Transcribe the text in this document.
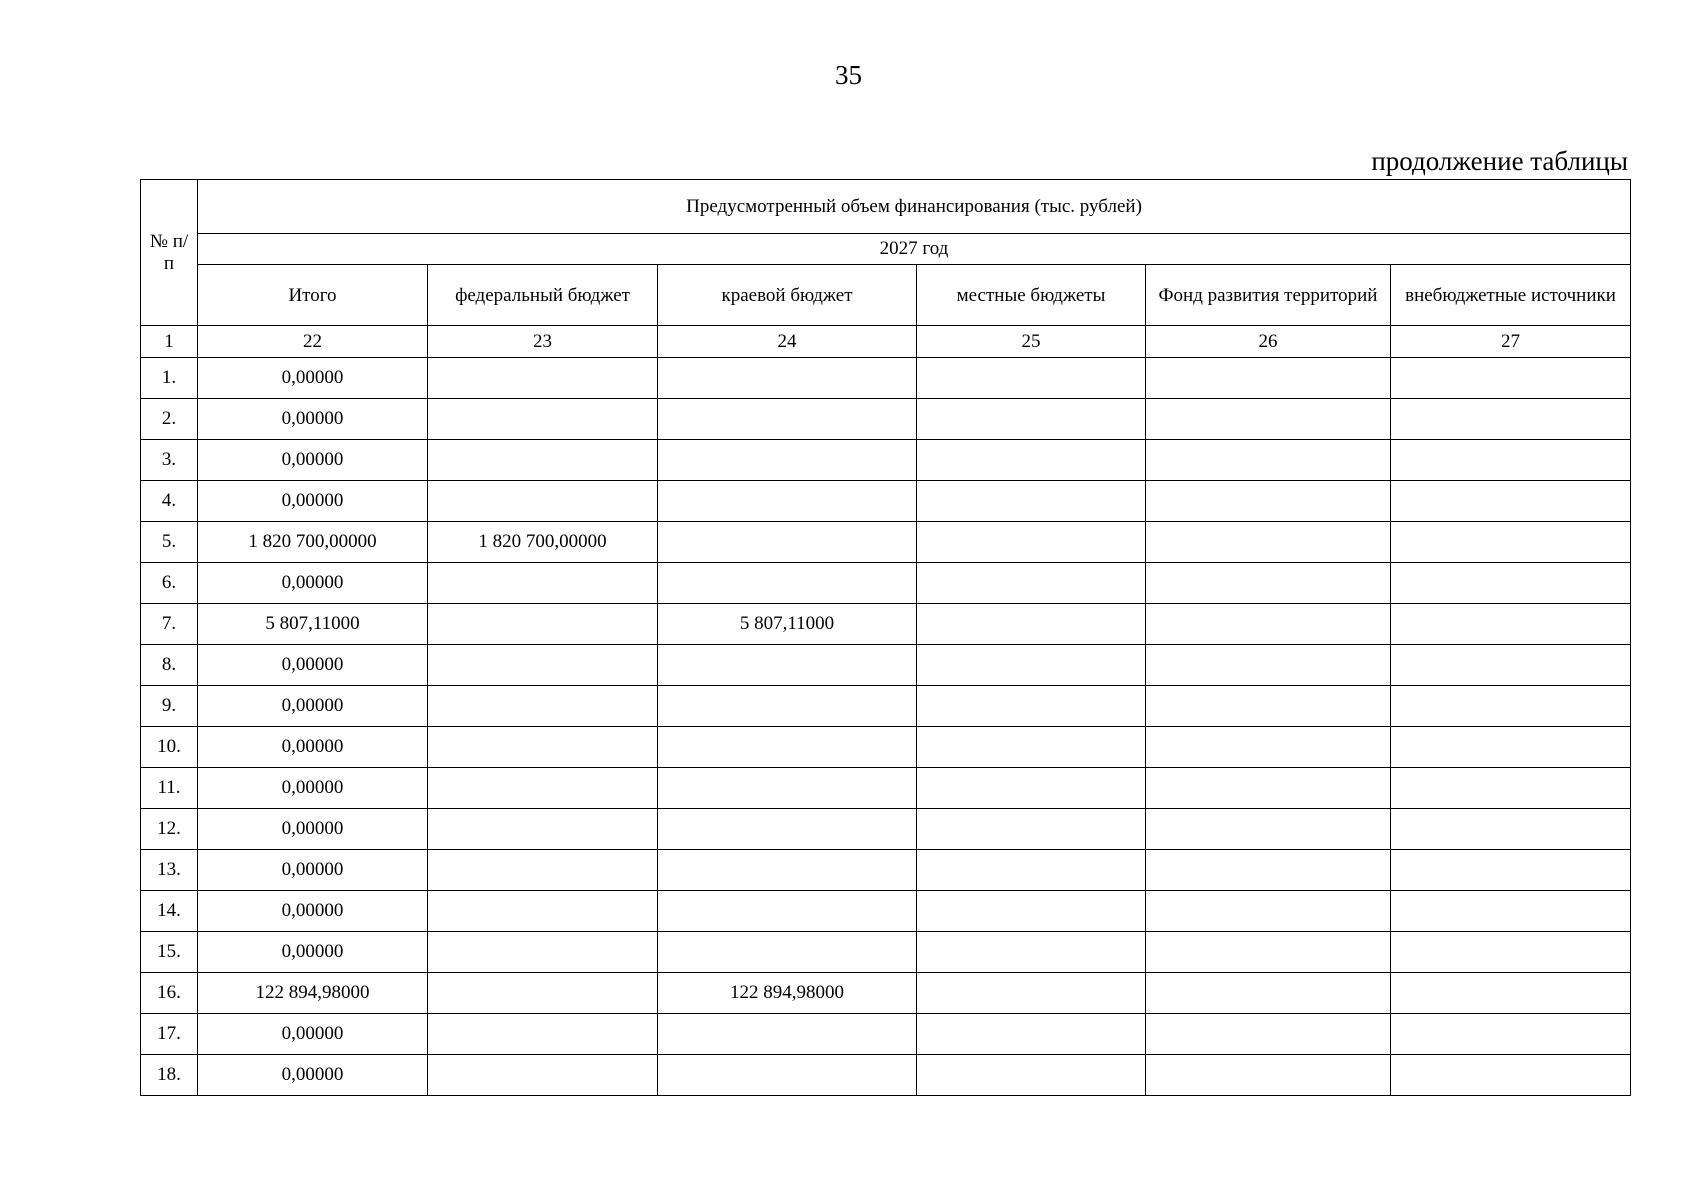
35
продолжение таблицы
№ п/п	Предусмотренный объем финансирования (тыс. рублей)					
	2027 год					
	Итого	федеральный бюджет	краевой бюджет	местные бюджеты	Фонд развития территорий	внебюджетные источники
1	22	23	24	25	26	27
1.	0,00000					
2.	0,00000					
3.	0,00000					
4.	0,00000					
5.	1 820 700,00000	1 820 700,00000				
6.	0,00000					
7.	5 807,11000		5 807,11000			
8.	0,00000					
9.	0,00000					
10.	0,00000					
11.	0,00000					
12.	0,00000					
13.	0,00000					
14.	0,00000					
15.	0,00000					
16.	122 894,98000		122 894,98000			
17.	0,00000					
18.	0,00000					
